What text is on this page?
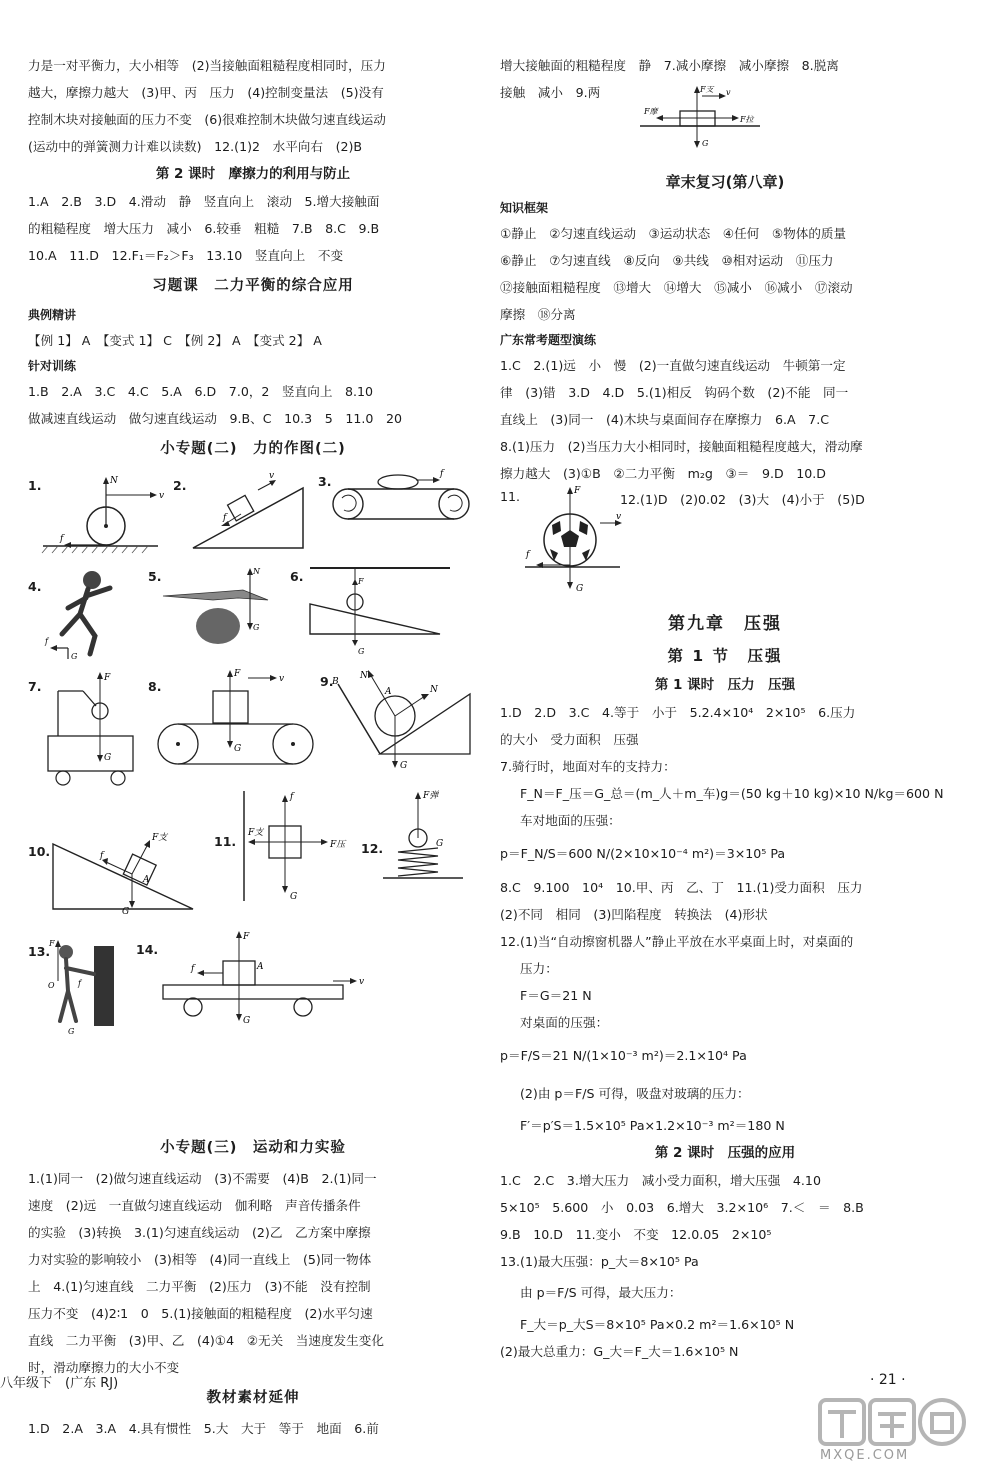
力是一对平衡力，大小相等　(2)当接触面粗糙程度相同时，压力

越大，摩擦力越大　(3)甲、丙　压力　(4)控制变量法　(5)没有

控制木块对接触面的压力不变　(6)很难控制木块做匀速直线运动

(运动中的弹簧测力计难以读数)　12.(1)2　水平向右　(2)B

第 2 课时　摩擦力的利用与防止

1.A　2.B　3.D　4.滑动　静　竖直向上　滚动　5.增大接触面

的粗糙程度　增大压力　减小　6.较垂　粗糙　7.B　8.C　9.B

10.A　11.D　12.F₁＝F₂＞F₃　13.10　竖直向上　不变

习题课　二力平衡的综合应用

典例精讲

【例 1】 A　【变式 1】 C　【例 2】 A　【变式 2】 A

针对训练

1.B　2.A　3.C　4.C　5.A　6.D　7.0，2　竖直向上　8.10

做减速直线运动　做匀速直线运动　9.B、C　10.3　5　11.0　20

小专题(二)　力的作图(二)
1.	N
v
f
2.
f
v	3.	f
4.
f
G
5.	N
G
6.	F
G
7.
F
G
8.
F	v
G
9.	N
N
B
A
G
10.
F支
f
A
G
11.
f
G
F支
F压 12.
F弹
G
13.
F
O	f
G
14.
F
f	A
G
v
小专题(三)　运动和力实验

1.(1)同一　(2)做匀速直线运动　(3)不需要　(4)B　2.(1)同一

速度　(2)远　一直做匀速直线运动　伽利略　声音传播条件

的实验　(3)转换　3.(1)匀速直线运动　(2)乙　乙方案中摩擦

力对实验的影响较小　(3)相等　(4)同一直线上　(5)同一物体

上　4.(1)匀速直线　二力平衡　(2)压力　(3)不能　没有控制

压力不变　(4)2∶1　0　5.(1)接触面的粗糙程度　(2)水平匀速

直线　二力平衡　(3)甲、乙　(4)①4　②无关　当速度发生变化

时，滑动摩擦力的大小不变

教材素材延伸

1.D　2.A　3.A　4.具有惯性　5.大　大于　等于　地面　6.前

八年级下　(广东 RJ)

增大接触面的粗糙程度　静　7.减小摩擦　减小摩擦　8.脱离

接触　减小　9.两	F支
F摩
F拉
G
v
章末复习(第八章)

知识框架

①静止　②匀速直线运动　③运动状态　④任何　⑤物体的质量

⑥静止　⑦匀速直线　⑧反向　⑨共线　⑩相对运动　⑪压力

⑫接触面粗糙程度　⑬增大　⑭增大　⑮减小　⑯减小　⑰滚动

摩擦　⑱分离

广东常考题型演练

1.C　2.(1)远　小　慢　(2)一直做匀速直线运动　牛顿第一定

律　(3)错　3.D　4.D　5.(1)相反　钩码个数　(2)不能　同一

直线上　(3)同一　(4)木块与桌面间存在摩擦力　6.A　7.C

8.(1)压力　(2)当压力大小相同时，接触面粗糙程度越大，滑动摩

擦力越大　(3)①B　②二力平衡　m₂g　③＝　9.D　10.D

11.	F
f
G
v
12.(1)D　(2)0.02　(3)大　(4)小于　(5)D
第九章　压强
第 1 节　压强
第 1 课时　压力　压强

1.D　2.D　3.C　4.等于　小于　5.2.4×10⁴　2×10⁵　6.压力

的大小　受力面积　压强

7.骑行时，地面对车的支持力：

F_N＝F_压＝G_总＝(m_人＋m_车)g＝(50 kg＋10 kg)×10 N/kg＝600 N

车对地面的压强：

p＝F_N/S＝600 N/(2×10×10⁻⁴ m²)＝3×10⁵ Pa

8.C　9.100　10⁴　10.甲、丙　乙、丁　11.(1)受力面积　压力

(2)不同　相同　(3)凹陷程度　转换法　(4)形状

12.(1)当“自动擦窗机器人”静止平放在水平桌面上时，对桌面的

压力：

F＝G＝21 N

对桌面的压强：

p＝F/S＝21 N/(1×10⁻³ m²)＝2.1×10⁴ Pa

(2)由 p＝F/S 可得，吸盘对玻璃的压力：

F′＝p′S＝1.5×10⁵ Pa×1.2×10⁻³ m²＝180 N

第 2 课时　压强的应用

1.C　2.C　3.增大压力　减小受力面积，增大压强　4.10

5×10⁵　5.600　小　0.03　6.增大　3.2×10⁶　7.＜　＝　8.B

9.B　10.D　11.变小　不变　12.0.05　2×10⁵

13.(1)最大压强：p_大＝8×10⁵ Pa

由 p＝F/S 可得，最大压力：

F_大＝p_大S＝8×10⁵ Pa×0.2 m²＝1.6×10⁵ N

(2)最大总重力：G_大＝F_大＝1.6×10⁵ N

· 21 ·
MXQE.COM
